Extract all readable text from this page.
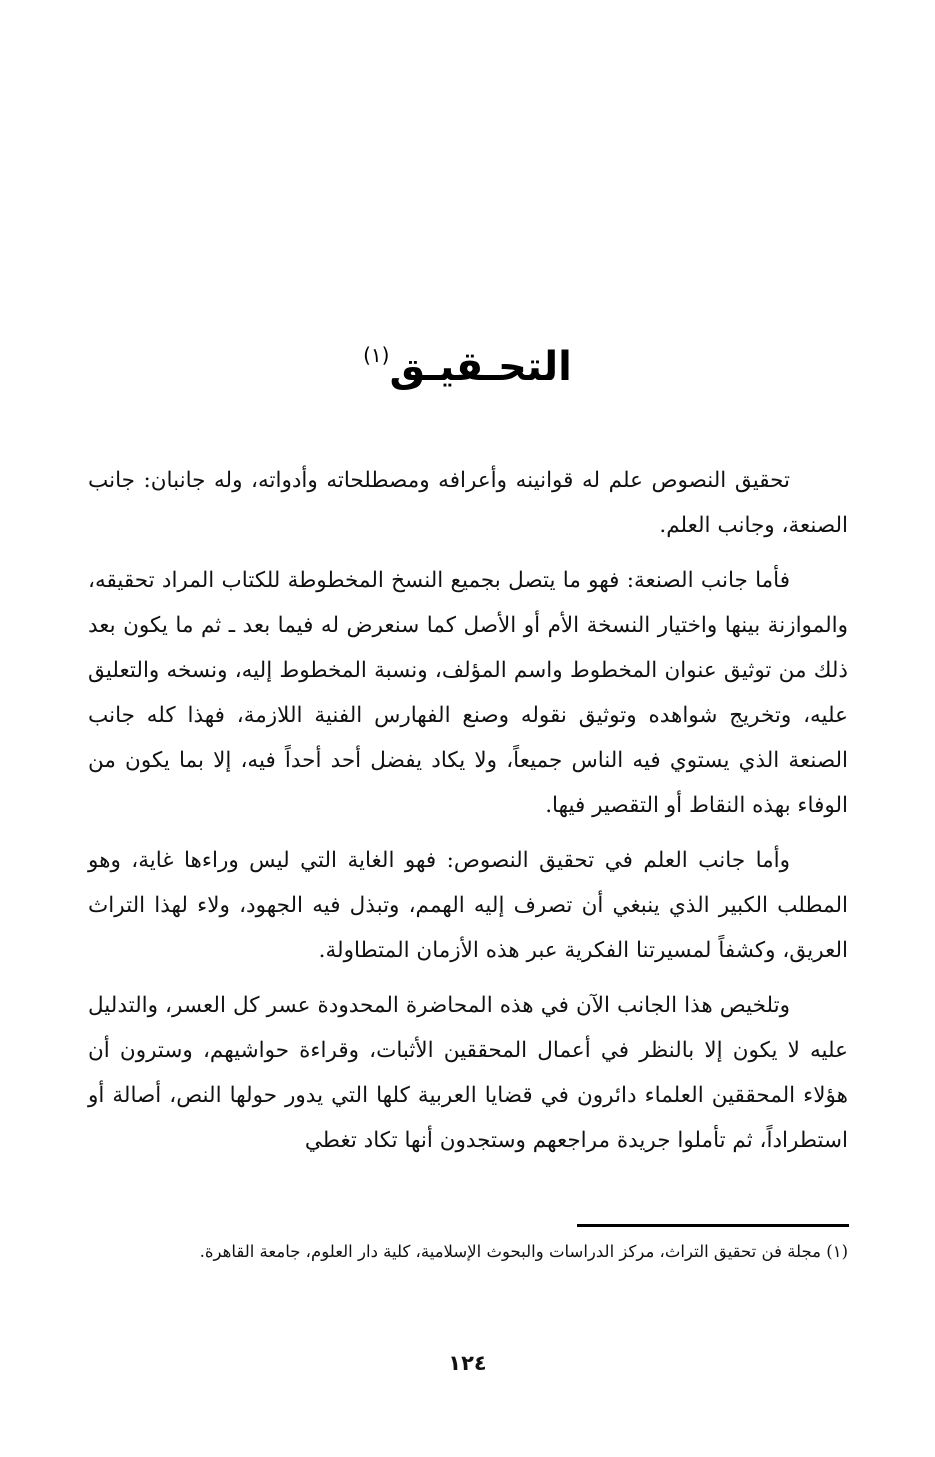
التحـقيـق$^{(١)}$

تحقيق النصوص علم له قوانينه وأعرافه ومصطلحاته وأدواته، وله جانبان: جانب الصنعة، وجانب العلم.

فأما جانب الصنعة: فهو ما يتصل بجميع النسخ المخطوطة للكتاب المراد تحقيقه، والموازنة بينها واختيار النسخة الأم أو الأصل كما سنعرض له فيما بعد ـ ثم ما يكون بعد ذلك من توثيق عنوان المخطوط واسم المؤلف، ونسبة المخطوط إليه، ونسخه والتعليق عليه، وتخريج شواهده وتوثيق نقوله وصنع الفهارس الفنية اللازمة، فهذا كله جانب الصنعة الذي يستوي فيه الناس جميعاً، ولا يكاد يفضل أحد أحداً فيه، إلا بما يكون من الوفاء بهذه النقاط أو التقصير فيها.

وأما جانب العلم في تحقيق النصوص: فهو الغاية التي ليس وراءها غاية، وهو المطلب الكبير الذي ينبغي أن تصرف إليه الهمم، وتبذل فيه الجهود، ولاء لهذا التراث العريق، وكشفاً لمسيرتنا الفكرية عبر هذه الأزمان المتطاولة.

وتلخيص هذا الجانب الآن في هذه المحاضرة المحدودة عسر كل العسر، والتدليل عليه لا يكون إلا بالنظر في أعمال المحققين الأثبات، وقراءة حواشيهم، وسترون أن هؤلاء المحققين العلماء دائرون في قضايا العربية كلها التي يدور حولها النص، أصالة أو استطراداً، ثم تأملوا جريدة مراجعهم وستجدون أنها تكاد تغطي

(١) مجلة فن تحقيق التراث، مركز الدراسات والبحوث الإسلامية، كلية دار العلوم، جامعة القاهرة.
١٢٤
